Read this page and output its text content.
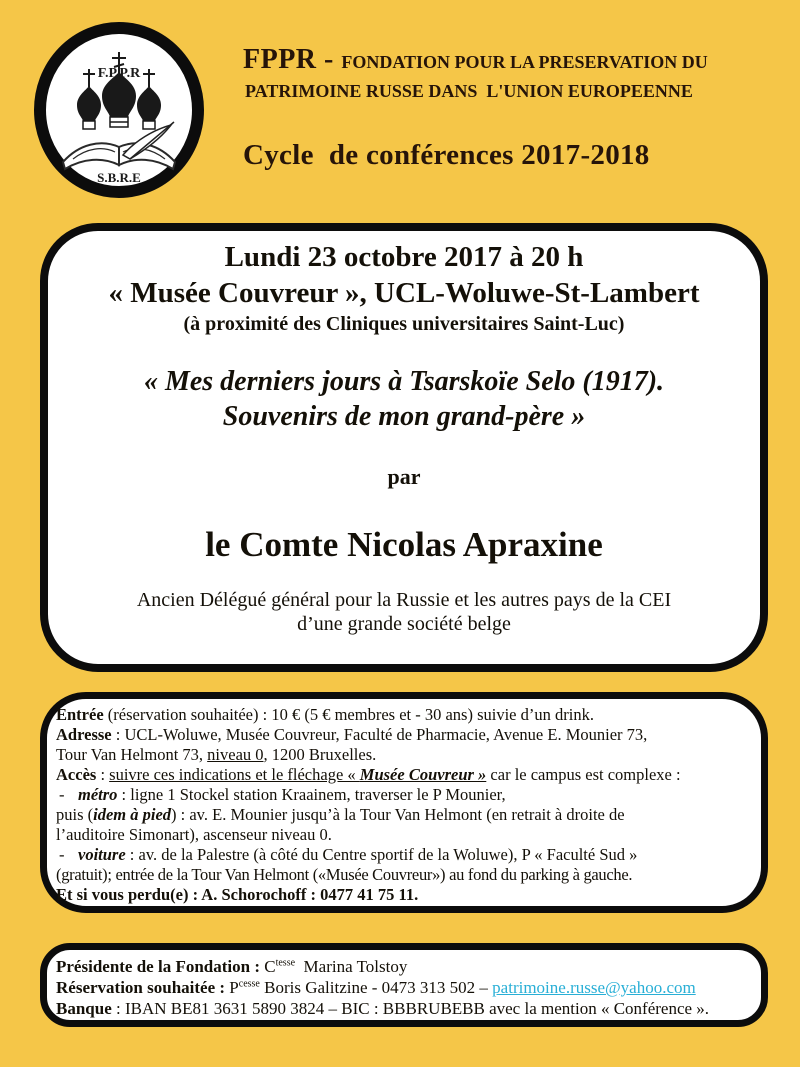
F.P.P.R
S.B.R.E
FPPR - FONDATION POUR LA PRESERVATION DU
PATRIMOINE RUSSE DANS  L'UNION EUROPEENNE
Cycle  de conférences 2017-2018

Lundi 23 octobre 2017 à 20 h

« Musée Couvreur », UCL-Woluwe-St-Lambert

(à proximité des Cliniques universitaires Saint-Luc)

« Mes derniers jours à Tsarskoïe Selo (1917).

Souvenirs de mon grand-père »

par

le Comte Nicolas Apraxine

Ancien Délégué général pour la Russie et les autres pays de la CEI

d’une grande société belge

Entrée (réservation souhaitée) : 10 € (5 € membres et - 30 ans) suivie d’un drink.

Adresse : UCL-Woluwe, Musée Couvreur, Faculté de Pharmacie, Avenue E. Mounier 73,

Tour Van Helmont 73, niveau 0, 1200 Bruxelles.

Accès : suivre ces indications et le fléchage « Musée Couvreur » car le campus est complexe :

- métro : ligne 1 Stockel station Kraainem, traverser le P Mounier,

puis (idem à pied) : av. E. Mounier jusqu’à la Tour Van Helmont (en retrait à droite de

l’auditoire Simonart), ascenseur niveau 0.

- voiture : av. de la Palestre (à côté du Centre sportif de la Woluwe), P « Faculté Sud »

(gratuit); entrée de la Tour Van Helmont («Musée Couvreur») au fond du parking à gauche.

Et si vous perdu(e) : A. Schorochoff : 0477 41 75 11.

Présidente de la Fondation : $C^{tesse}$  Marina Tolstoy

Réservation souhaitée : $P^{cesse}$ Boris Galitzine - 0473 313 502 – patrimoine.russe@yahoo.com

Banque : IBAN BE81 3631 5890 3824 – BIC : BBBRUBEBB avec la mention « Conférence ».
